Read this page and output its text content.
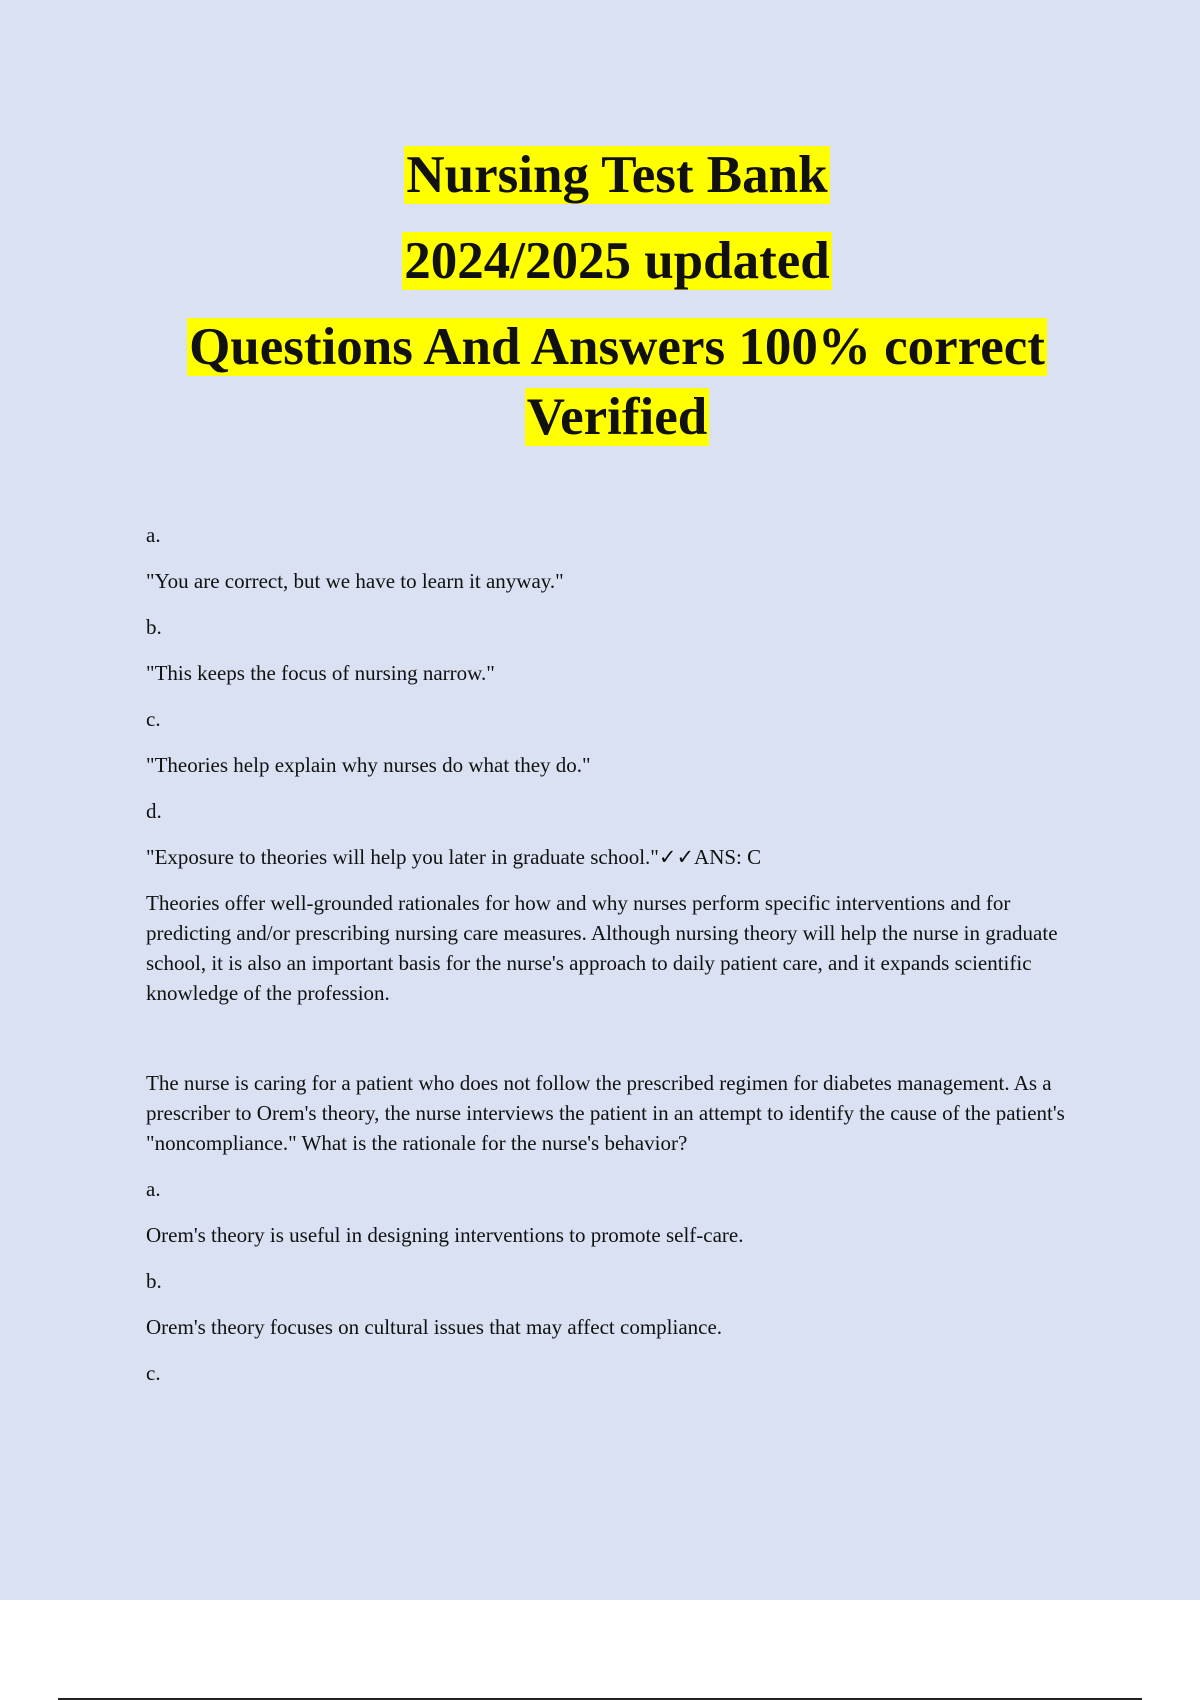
Nursing Test Bank
2024/2025 updated
Questions And Answers 100% correct
Verified
a.
"You are correct, but we have to learn it anyway."
b.
"This keeps the focus of nursing narrow."
c.
"Theories help explain why nurses do what they do."
d.
"Exposure to theories will help you later in graduate school."✓✓ANS: C
Theories offer well-grounded rationales for how and why nurses perform specific interventions and for predicting and/or prescribing nursing care measures. Although nursing theory will help the nurse in graduate school, it is also an important basis for the nurse's approach to daily patient care, and it expands scientific knowledge of the profession.
The nurse is caring for a patient who does not follow the prescribed regimen for diabetes management. As a prescriber to Orem's theory, the nurse interviews the patient in an attempt to identify the cause of the patient's "noncompliance." What is the rationale for the nurse's behavior?
a.
Orem's theory is useful in designing interventions to promote self-care.
b.
Orem's theory focuses on cultural issues that may affect compliance.
c.
